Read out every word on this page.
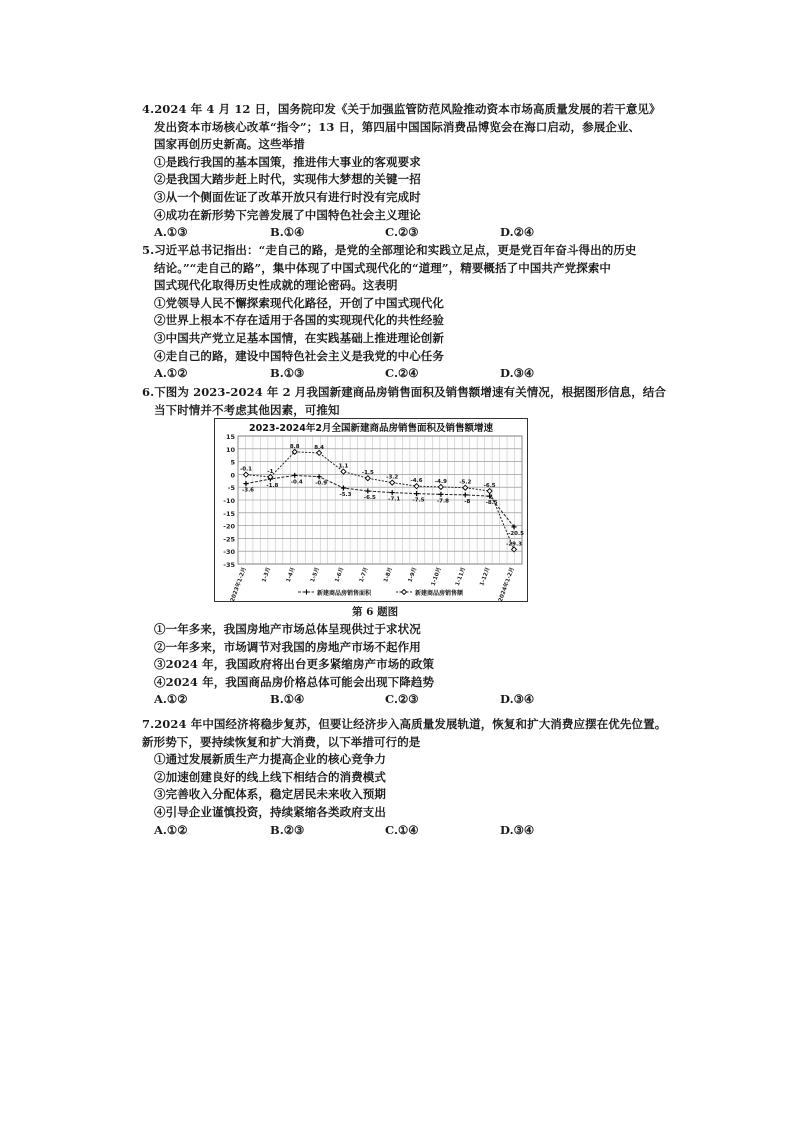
4.2024 年 4 月 12 日，国务院印发《关于加强监管防范风险推动资本市场高质量发展的若干意见》
发出资本市场核心改革“指令”；13 日，第四届中国国际消费品博览会在海口启动，参展企业、
国家再创历史新高。这些举措
①是践行我国的基本国策，推进伟大事业的客观要求
②是我国大踏步赶上时代，实现伟大梦想的关键一招
③从一个侧面佐证了改革开放只有进行时没有完成时
④成功在新形势下完善发展了中国特色社会主义理论
A.①③	B.①④	C.②③	D.②④
5.习近平总书记指出：“走自己的路，是党的全部理论和实践立足点，更是党百年奋斗得出的历史
结论。”“走自己的路”，集中体现了中国式现代化的“道理”，精要概括了中国共产党探索中
国式现代化取得历史性成就的理论密码。这表明
①党领导人民不懈探索现代化路径，开创了中国式现代化
②世界上根本不存在适用于各国的实现现代化的共性经验
③中国共产党立足基本国情，在实践基础上推进理论创新
④走自己的路，建设中国特色社会主义是我党的中心任务
A.①②	B.①③	C.②④	D.③④
6.下图为 2023-2024 年 2 月我国新建商品房销售面积及销售额增速有关情况，根据图形信息，结合
当下时情并不考虑其他因素，可推知
15
10
5
0
-5
-10
-15
-20
-25
-30
-35
2023-2024年2月全国新建商品房销售面积及销售额增速
2023年1-2月	1-3月	1-4月	1-5月	1-6月	1-7月	1-8月	1-9月	1-10月	1-11月	1-12月	2024年1-2月
-3.6
-1.8
-0.4 -0.9
-5.3
-6.5 -7.1 -7.5 -7.8	-8	-8.5
-20.5
-0.1	-1
8.8	8.4
1.1
-1.5
-3.2
-4.6 -4.9 -5.2
-6.5
-29.3
新建商品房销售面积	新建商品房销售额
第 6 题图
①一年多来，我国房地产市场总体呈现供过于求状况
②一年多来，市场调节对我国的房地产市场不起作用
③2024 年，我国政府将出台更多紧缩房产市场的政策
④2024 年，我国商品房价格总体可能会出现下降趋势
A.①②	B.①④	C.②③	D.③④
7.2024 年中国经济将稳步复苏，但要让经济步入高质量发展轨道，恢复和扩大消费应摆在优先位置。
新形势下，要持续恢复和扩大消费，以下举措可行的是
①通过发展新质生产力提高企业的核心竞争力
②加速创建良好的线上线下相结合的消费模式
③完善收入分配体系，稳定居民未来收入预期
④引导企业谨慎投资，持续紧缩各类政府支出
A.①②	B.②③	C.①④	D.③④
